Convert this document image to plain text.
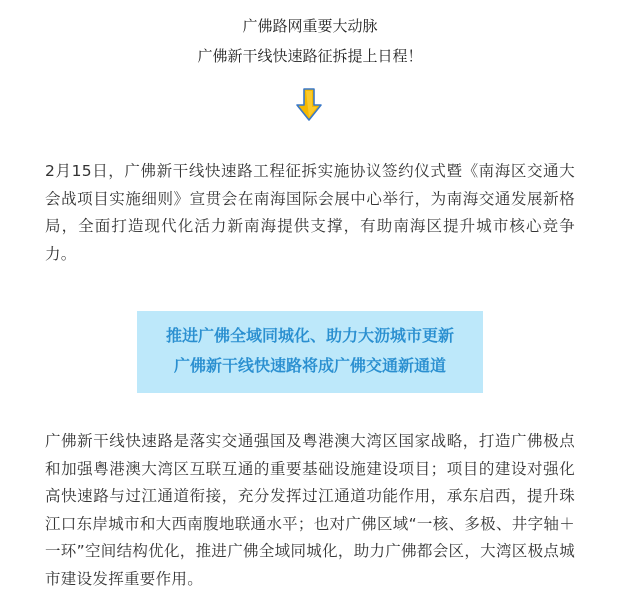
广佛路网重要大动脉
广佛新干线快速路征拆提上日程！
2月15日，广佛新干线快速路工程征拆实施协议签约仪式暨《南海区交通大会战项目实施细则》宣贯会在南海国际会展中心举行，为南海交通发展新格局，全面打造现代化活力新南海提供支撑，有助南海区提升城市核心竞争力。
推进广佛全域同城化、助力大沥城市更新
广佛新干线快速路将成广佛交通新通道
广佛新干线快速路是落实交通强国及粤港澳大湾区国家战略，打造广佛极点和加强粤港澳大湾区互联互通的重要基础设施建设项目；项目的建设对强化高快速路与过江通道衔接，充分发挥过江通道功能作用，承东启西，提升珠江口东岸城市和大西南腹地联通水平；也对广佛区域“一核、多极、井字轴＋一环”空间结构优化，推进广佛全域同城化，助力广佛都会区，大湾区极点城市建设发挥重要作用。
